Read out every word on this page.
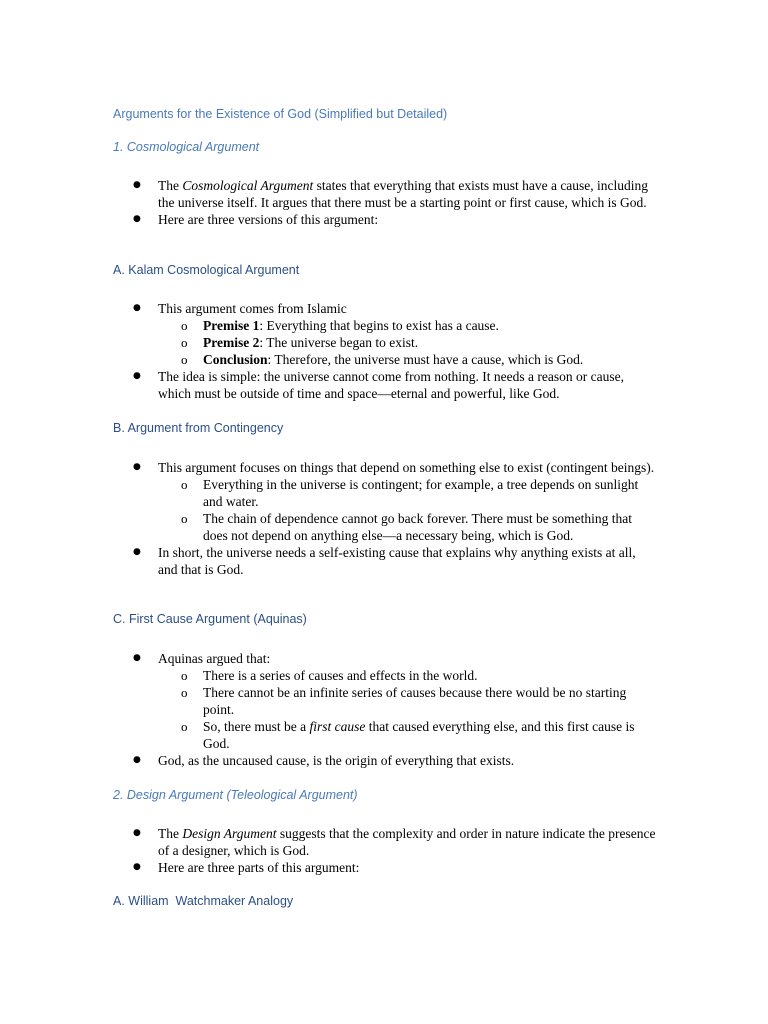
Arguments for the Existence of God (Simplified but Detailed)

1. Cosmological Argument

● The Cosmological Argument states that everything that exists must have a cause, including the universe itself. It argues that there must be a starting point or first cause, which is God.
● Here are three versions of this argument:

A. Kalam Cosmological Argument

● This argument comes from Islamic
o Premise 1: Everything that begins to exist has a cause.
o Premise 2: The universe began to exist.
o Conclusion: Therefore, the universe must have a cause, which is God.
● The idea is simple: the universe cannot come from nothing. It needs a reason or cause, which must be outside of time and space—eternal and powerful, like God.

B. Argument from Contingency

● This argument focuses on things that depend on something else to exist (contingent beings).
o Everything in the universe is contingent; for example, a tree depends on sunlight and water.
o The chain of dependence cannot go back forever. There must be something that does not depend on anything else—a necessary being, which is God.
● In short, the universe needs a self-existing cause that explains why anything exists at all, and that is God.

C. First Cause Argument (Aquinas)

● Aquinas argued that:
o There is a series of causes and effects in the world.
o There cannot be an infinite series of causes because there would be no starting point.
o So, there must be a first cause that caused everything else, and this first cause is God.
● God, as the uncaused cause, is the origin of everything that exists.

2. Design Argument (Teleological Argument)

● The Design Argument suggests that the complexity and order in nature indicate the presence of a designer, which is God.
● Here are three parts of this argument:

A. William  Watchmaker Analogy
